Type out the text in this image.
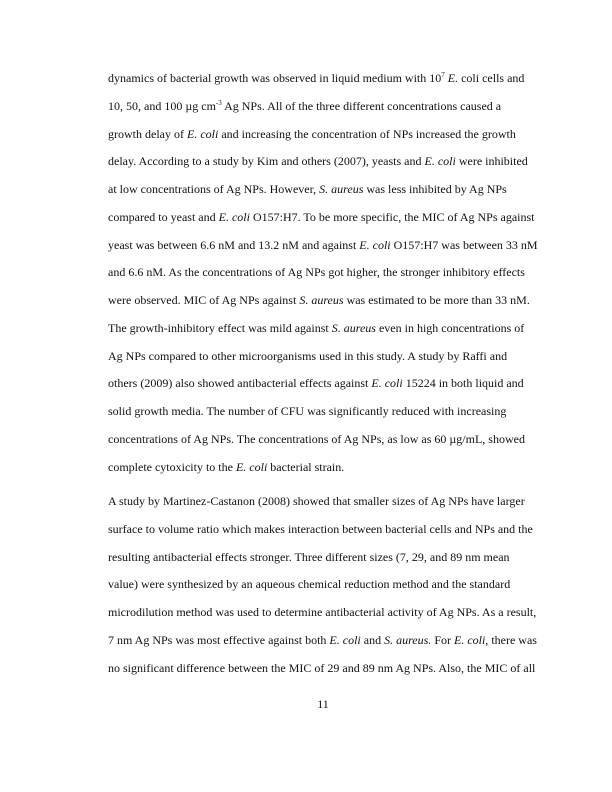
dynamics of bacterial growth was observed in liquid medium with $10^7$ E. coli cells and
10, 50, and 100 µg $cm^{-3}$ Ag NPs. All of the three different concentrations caused a
growth delay of E. coli and increasing the concentration of NPs increased the growth
delay. According to a study by Kim and others (2007), yeasts and E. coli were inhibited
at low concentrations of Ag NPs. However, S. aureus was less inhibited by Ag NPs
compared to yeast and E. coli O157:H7. To be more specific, the MIC of Ag NPs against
yeast was between 6.6 nM and 13.2 nM and against E. coli O157:H7 was between 33 nM
and 6.6 nM. As the concentrations of Ag NPs got higher, the stronger inhibitory effects
were observed. MIC of Ag NPs against S. aureus was estimated to be more than 33 nM.
The growth-inhibitory effect was mild against S. aureus even in high concentrations of
Ag NPs compared to other microorganisms used in this study. A study by Raffi and
others (2009) also showed antibacterial effects against E. coli 15224 in both liquid and
solid growth media. The number of CFU was significantly reduced with increasing
concentrations of Ag NPs. The concentrations of Ag NPs, as low as 60 µg/mL, showed
complete cytoxicity to the E. coli bacterial strain.
A study by Martinez-Castanon (2008) showed that smaller sizes of Ag NPs have larger
surface to volume ratio which makes interaction between bacterial cells and NPs and the
resulting antibacterial effects stronger. Three different sizes (7, 29, and 89 nm mean
value) were synthesized by an aqueous chemical reduction method and the standard
microdilution method was used to determine antibacterial activity of Ag NPs. As a result,
7 nm Ag NPs was most effective against both E. coli and S. aureus. For E. coli, there was
no significant difference between the MIC of 29 and 89 nm Ag NPs. Also, the MIC of all
11
